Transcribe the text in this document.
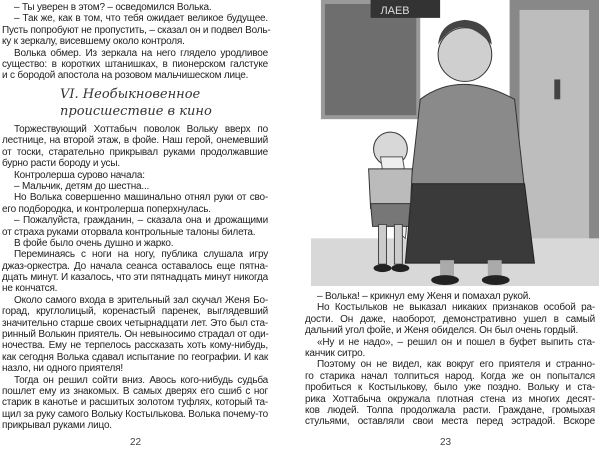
– Ты уверен в этом? – осведомился Волька.
– Так же, как в том, что тебя ожидает великое будущее.
Пусть попробуют не пропустить, – сказал он и подвел Воль-
ку к зеркалу, висевшему около контроля.
Волька обмер. Из зеркала на него глядело уродливое
существо: в коротких штанишках, в пионерском галстуке
и с бородой апостола на розовом мальчишеском лице.
VI. Необыкновенное
происшествие в кино
Торжествующий Хоттабыч поволок Вольку вверх по
лестнице, на второй этаж, в фойе. Наш герой, онемевший
от тоски, старательно прикрывал руками продолжавшие
бурно расти бороду и усы.
Контролерша сурово начала:
– Мальчик, детям до шестна...
Но Волька совершенно машинально отнял руки от сво-
его подбородка, и контролерша поперхнулась.
– Пожалуйста, гражданин, – сказала она и дрожащими
от страха руками оторвала контрольные талоны билета.
В фойе было очень душно и жарко.
Переминаясь с ноги на ногу, публика слушала игру
джаз-оркестра. До начала сеанса оставалось еще пятна-
дцать минут. И казалось, что эти пятнадцать минут никогда
не кончатся.
Около самого входа в зрительный зал скучал Женя Бо-
горад, круглолицый, коренастый паренек, выглядевший
значительно старше своих четырнадцати лет. Это был ста-
ринный Волькин приятель. Он невыносимо страдал от оди-
ночества. Ему не терпелось рассказать хоть кому-нибудь,
как сегодня Волька сдавал испытание по географии. И как
назло, ни одного приятеля!
Тогда он решил сойти вниз. Авось кого-нибудь судьба
пошлет ему из знакомых. В самых дверях его сшиб с ног
старик в канотье и расшитых золотом туфлях, который та-
щил за руку самого Вольку Костылькова. Волька почему-то
прикрывал руками лицо.
22
ЛАЕВ
– Волька! – крикнул ему Женя и помахал рукой.
Но Костыльков не выказал никаких признаков особой ра-
дости. Он даже, наоборот, демонстративно ушел в самый
дальний угол фойе, и Женя обиделся. Он был очень гордый.
«Ну и не надо», – решил он и пошел в буфет выпить ста-
канчик ситро.
Поэтому он не видел, как вокруг его приятеля и странно-
го старика начал толпиться народ. Когда же он попытался
пробиться к Костылькову, было уже поздно. Вольку и ста-
рика Хоттабыча окружала плотная стена из многих десят-
ков людей. Толпа продолжала расти. Граждане, громыхая
стульями, оставляли свои места перед эстрадой. Вскоре
23
